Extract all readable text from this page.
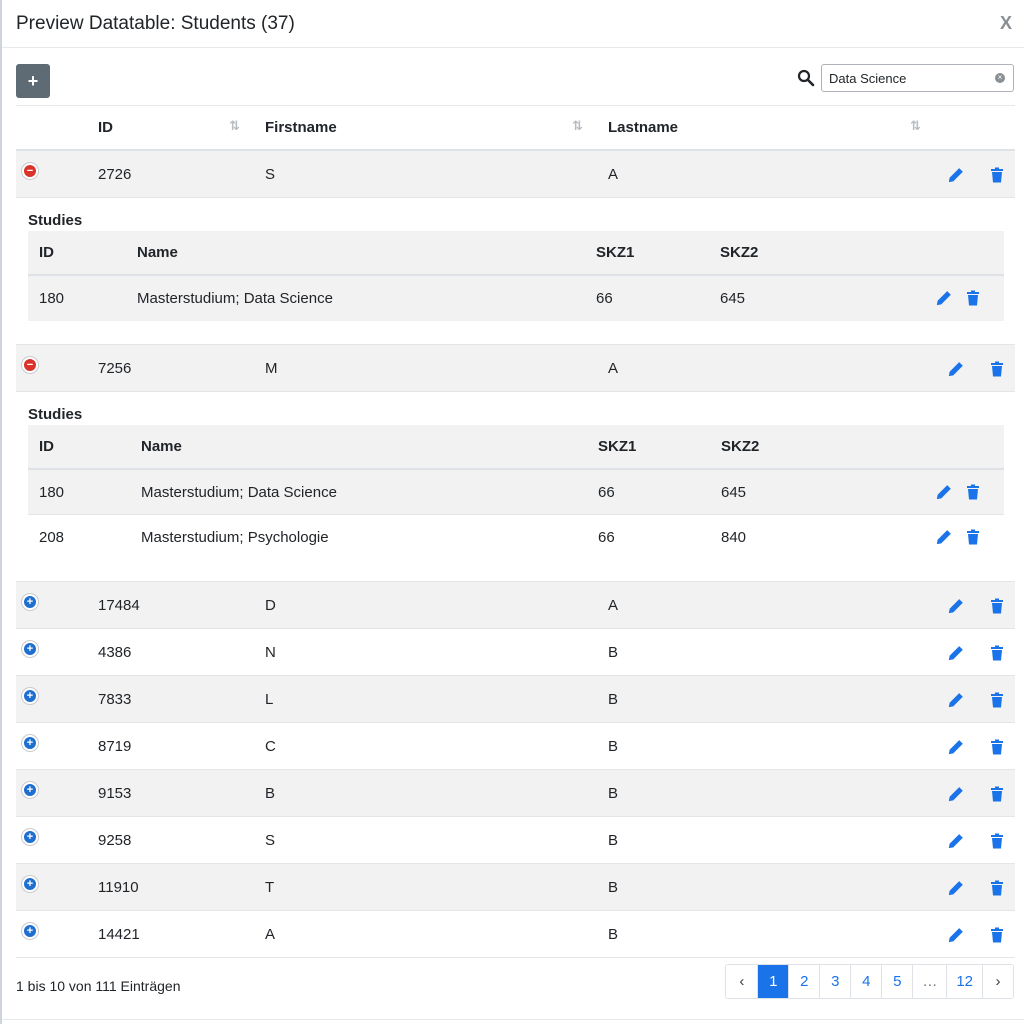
Preview Datatable: Students (37)	X
+
Data Science	×
ID	⇅ Firstname	⇅ Lastname	⇅
−	2726	S	A
Studies
ID	Name	SKZ1	SKZ2
180	Masterstudium; Data Science	66	645
−	7256	M	A
Studies
ID	Name	SKZ1	SKZ2
180	Masterstudium; Data Science	66	645
208	Masterstudium; Psychologie	66	840
+	17484	D	A
+	4386	N	B
+	7833	L	B
+	8719	C	B
+	9153	B	B
+	9258	S	B
+	11910	T	B
+	14421	A	B
1 bis 10 von 111 Einträgen	‹	1	2	3	4	5	…	12	›
